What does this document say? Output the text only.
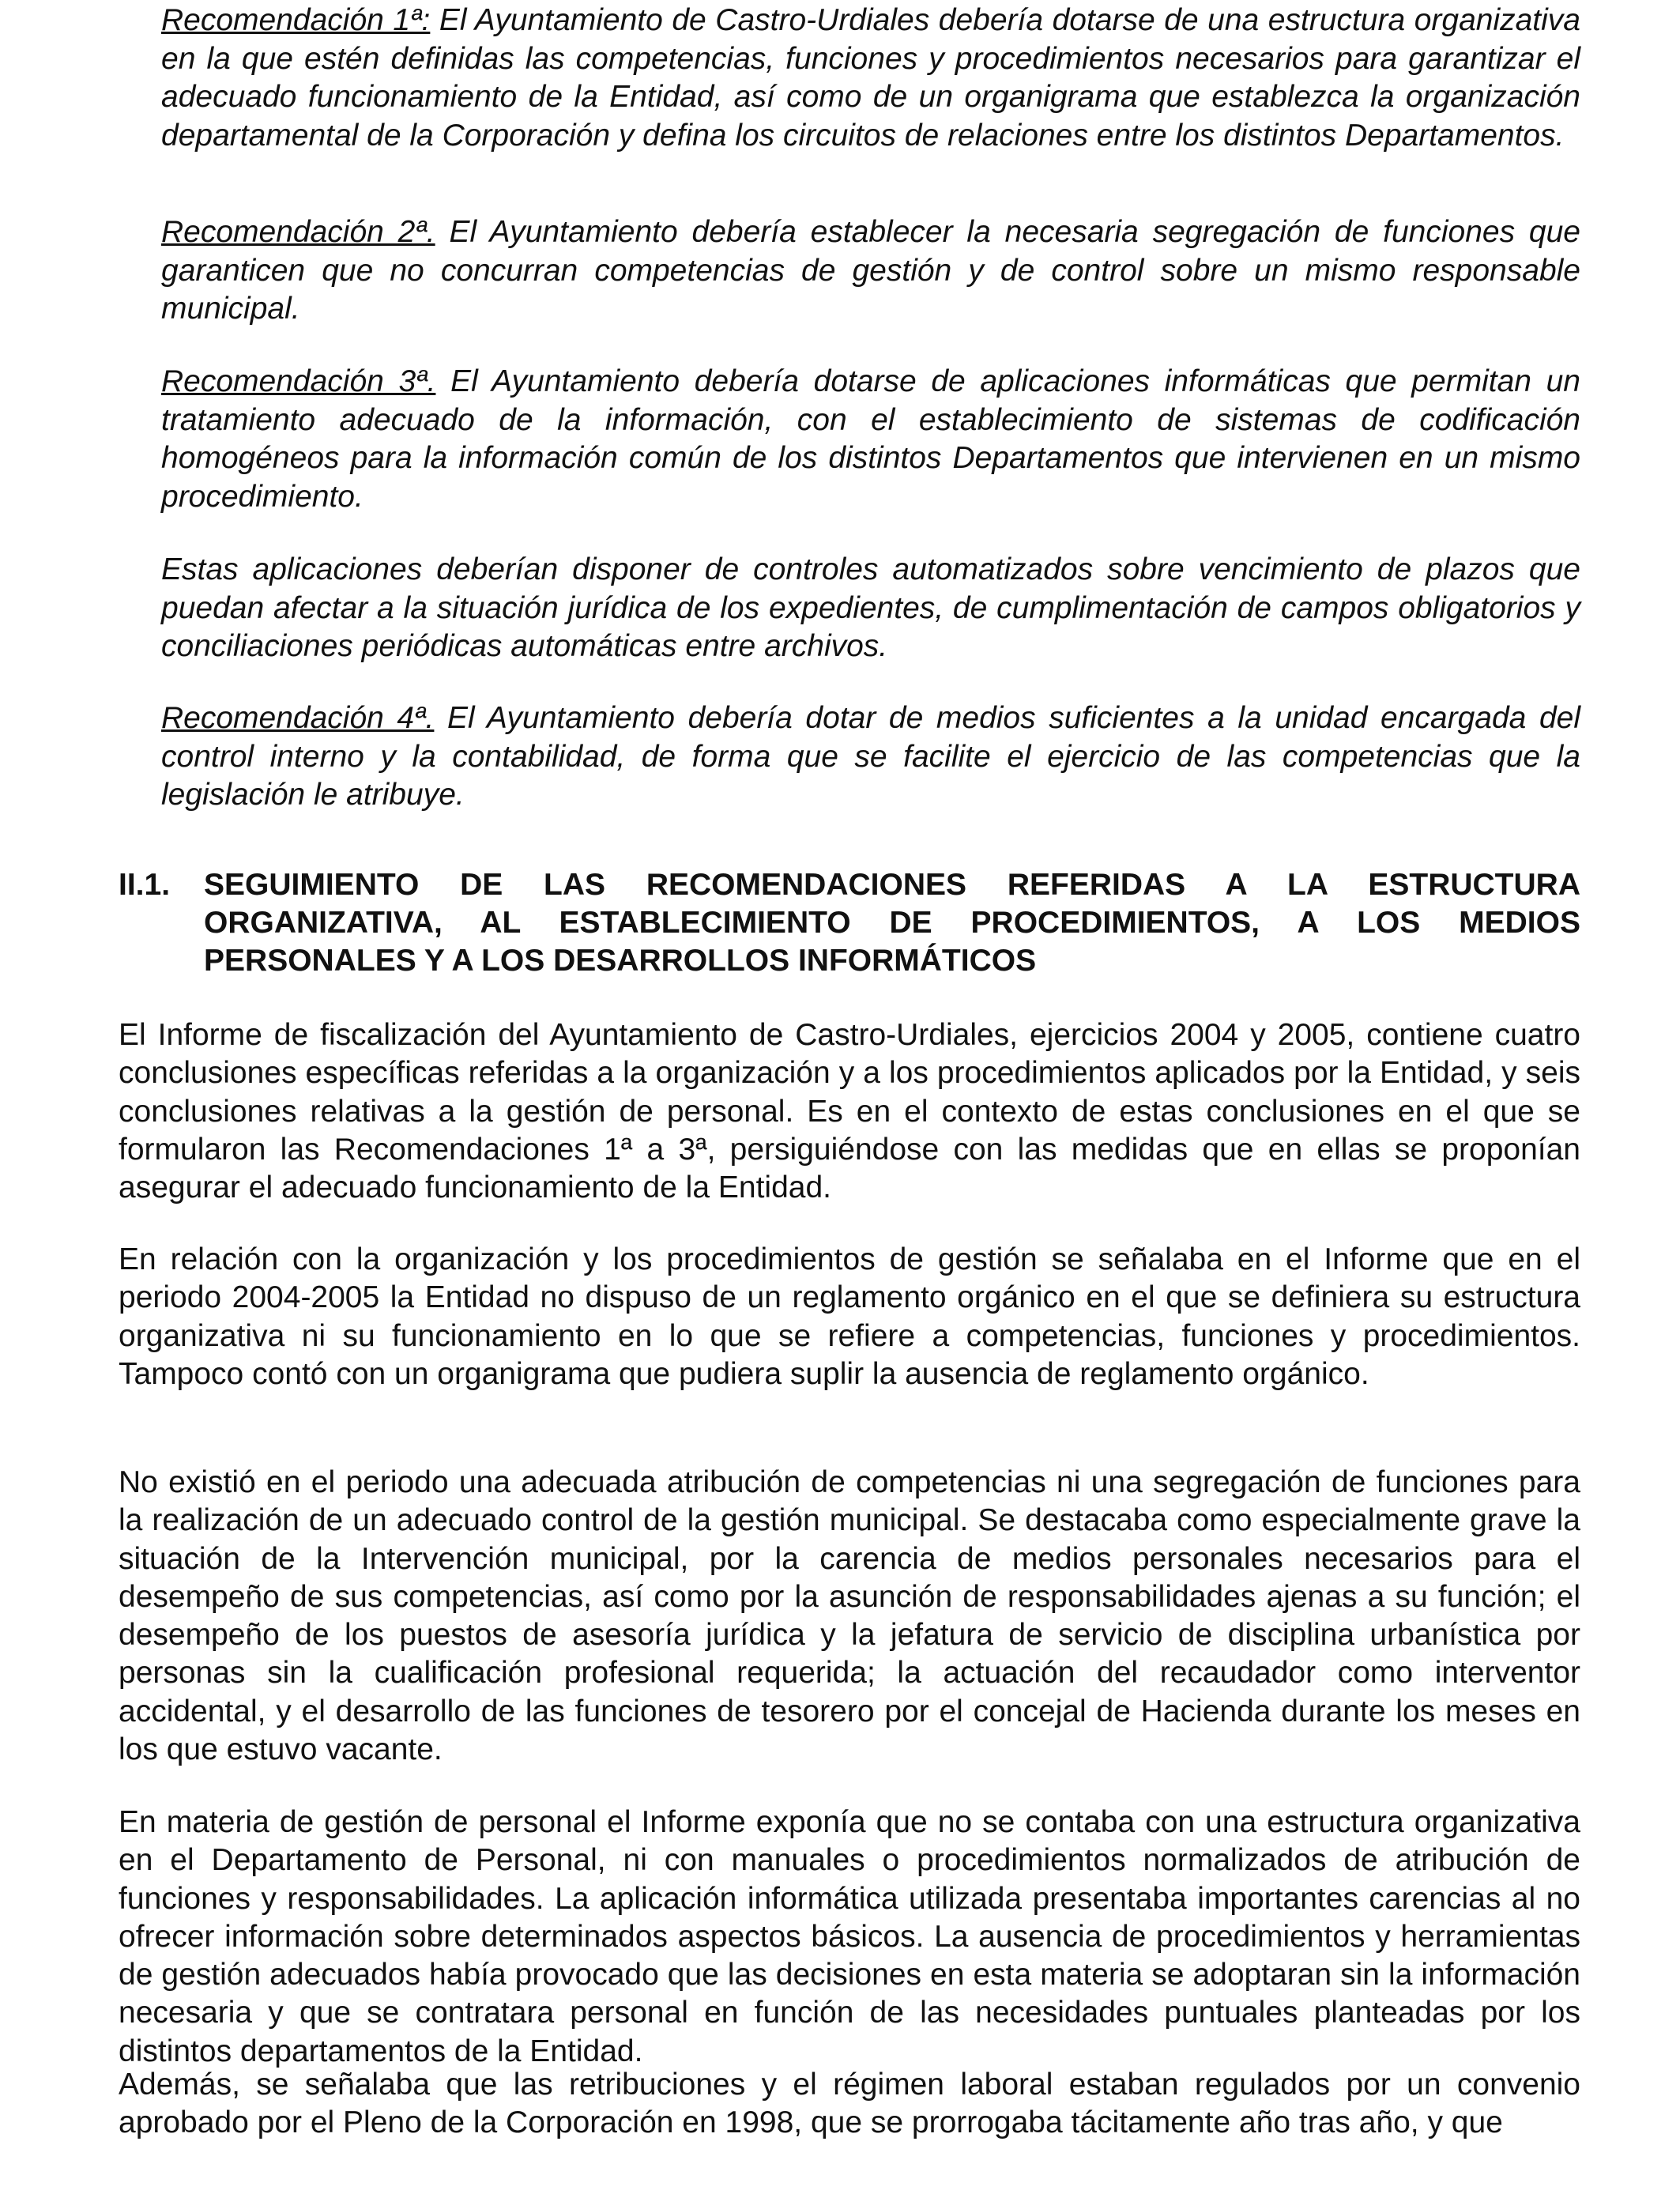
Recomendación 1ª: El Ayuntamiento de Castro-Urdiales debería dotarse de una estructura organizativa en la que estén definidas las competencias, funciones y procedimientos necesarios para garantizar el adecuado funcionamiento de la Entidad, así como de un organigrama que establezca la organización departamental de la Corporación y defina los circuitos de relaciones entre los distintos Departamentos.

Recomendación 2ª. El Ayuntamiento debería establecer la necesaria segregación de funciones que garanticen que no concurran competencias de gestión y de control sobre un mismo responsable municipal.

Recomendación 3ª. El Ayuntamiento debería dotarse de aplicaciones informáticas que permitan un tratamiento adecuado de la información, con el establecimiento de sistemas de codificación homogéneos para la información común de los distintos Departamentos que intervienen en un mismo procedimiento.

Estas aplicaciones deberían disponer de controles automatizados sobre vencimiento de plazos que puedan afectar a la situación jurídica de los expedientes, de cumplimentación de campos obligatorios y conciliaciones periódicas automáticas entre archivos.

Recomendación 4ª. El Ayuntamiento debería dotar de medios suficientes a la unidad encargada del control interno y la contabilidad, de forma que se facilite el ejercicio de las competencias que la legislación le atribuye.

II.1. SEGUIMIENTO DE LAS RECOMENDACIONES REFERIDAS A LA ESTRUCTURA ORGANIZATIVA, AL ESTABLECIMIENTO DE PROCEDIMIENTOS, A LOS MEDIOS PERSONALES Y A LOS DESARROLLOS INFORMÁTICOS

El Informe de fiscalización del Ayuntamiento de Castro-Urdiales, ejercicios 2004 y 2005, contiene cuatro conclusiones específicas referidas a la organización y a los procedimientos aplicados por la Entidad, y seis conclusiones relativas a la gestión de personal. Es en el contexto de estas conclusiones en el que se formularon las Recomendaciones 1ª a 3ª, persiguiéndose con las medidas que en ellas se proponían asegurar el adecuado funcionamiento de la Entidad.

En relación con la organización y los procedimientos de gestión se señalaba en el Informe que en el periodo 2004-2005 la Entidad no dispuso de un reglamento orgánico en el que se definiera su estructura organizativa ni su funcionamiento en lo que se refiere a competencias, funciones y procedimientos. Tampoco contó con un organigrama que pudiera suplir la ausencia de reglamento orgánico.

No existió en el periodo una adecuada atribución de competencias ni una segregación de funciones para la realización de un adecuado control de la gestión municipal. Se destacaba como especialmente grave la situación de la Intervención municipal, por la carencia de medios personales necesarios para el desempeño de sus competencias, así como por la asunción de responsabilidades ajenas a su función; el desempeño de los puestos de asesoría jurídica y la jefatura de servicio de disciplina urbanística por personas sin la cualificación profesional requerida; la actuación del recaudador como interventor accidental, y el desarrollo de las funciones de tesorero por el concejal de Hacienda durante los meses en los que estuvo vacante.

En materia de gestión de personal el Informe exponía que no se contaba con una estructura organizativa en el Departamento de Personal, ni con manuales o procedimientos normalizados de atribución de funciones y responsabilidades. La aplicación informática utilizada presentaba importantes carencias al no ofrecer información sobre determinados aspectos básicos. La ausencia de procedimientos y herramientas de gestión adecuados había provocado que las decisiones en esta materia se adoptaran sin la información necesaria y que se contratara personal en función de las necesidades puntuales planteadas por los distintos departamentos de la Entidad.

Además, se señalaba que las retribuciones y el régimen laboral estaban regulados por un convenio aprobado por el Pleno de la Corporación en 1998, que se prorrogaba tácitamente año tras año, y que
